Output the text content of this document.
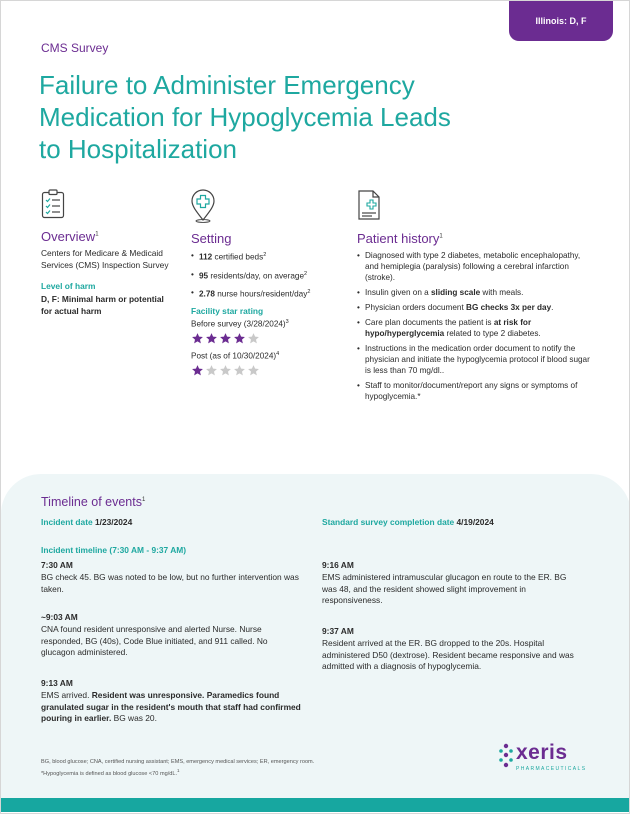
Illinois: D, F
CMS Survey
Failure to Administer Emergency Medication for Hypoglycemia Leads to Hospitalization
Overview$^1$
Centers for Medicare & Medicaid Services (CMS) Inspection Survey
Level of harm
D, F: Minimal harm or potential for actual harm
Setting
• 112 certified beds$^2$
• 95 residents/day, on average$^2$
• 2.78 nurse hours/resident/day$^2$
Facility star rating
Before survey $(3/28/2024)^3$
Post (as of 10/30/2024)$^4$
Patient history$^1$
• Diagnosed with type 2 diabetes, metabolic encephalopathy, and hemiplegia (paralysis) following a cerebral infarction (stroke).
• Insulin given on a sliding scale with meals.
• Physician orders document BG checks 3x per day.
• Care plan documents the patient is at risk for hypo/hyperglycemia related to type 2 diabetes.
• Instructions in the medication order document to notify the physician and initiate the hypoglycemia protocol if blood sugar is less than 70 mg/dl..
• Staff to monitor/document/report any signs or symptoms of hypoglycemia.*
Timeline of events$^1$
Incident date 1/23/2024	Standard survey completion date 4/19/2024
Incident timeline (7:30 AM - 9:37 AM)
7:30 AM
BG check 45. BG was noted to be low, but no further intervention was taken.
~9:03 AM
CNA found resident unresponsive and alerted Nurse. Nurse responded, BG (40s), Code Blue initiated, and 911 called. No glucagon administered.
9:13 AM
EMS arrived. Resident was unresponsive. Paramedics found granulated sugar in the resident's mouth that staff had confirmed pouring in earlier. BG was 20.
9:16 AM
EMS administered intramuscular glucagon en route to the ER. BG was 48, and the resident showed slight improvement in responsiveness.
9:37 AM
Resident arrived at the ER. BG dropped to the 20s. Hospital administered D50 (dextrose). Resident became responsive and was admitted with a diagnosis of hypoglycemia.
BG, blood glucose; CNA, certified nursing assistant; EMS, emergency medical services; ER, emergency room.
*Hypoglycemia is defined as blood glucose <70 mg/dL.$^1$
xeris
PHARMACEUTICALS
